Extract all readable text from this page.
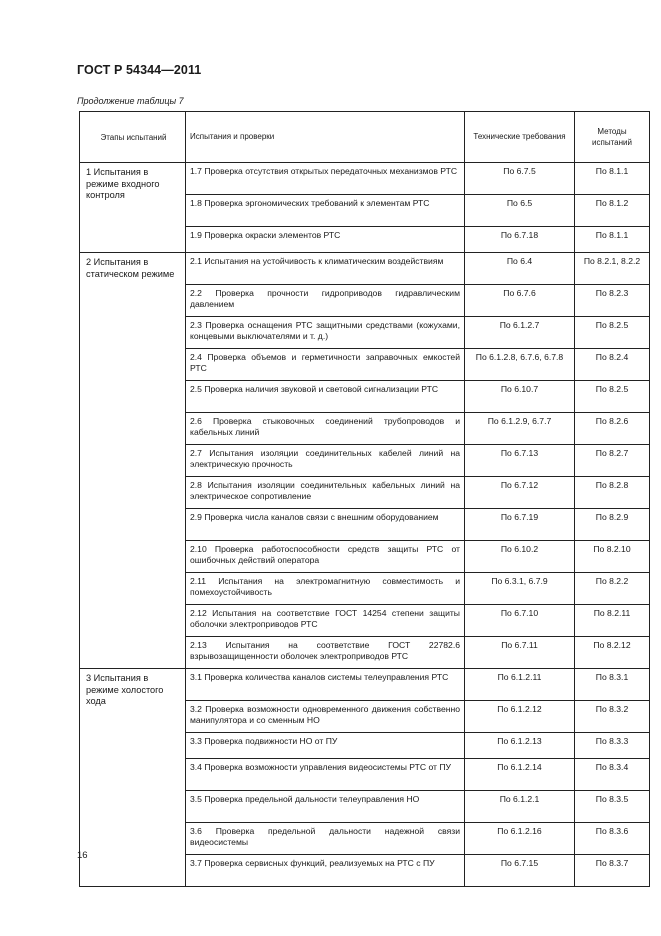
ГОСТ Р 54344—2011
Продолжение таблицы 7
Этапы испытаний	Испытания и проверки	Технические требования	Методы испытаний
1 Испытания в режиме входного контроля	1.7 Проверка отсутствия открытых передаточных механизмов РТС	По 6.7.5	По 8.1.1
	1.8 Проверка эргономических требований к элементам РТС	По 6.5	По 8.1.2
	1.9 Проверка окраски элементов РТС	По 6.7.18	По 8.1.1
2 Испытания в статическом режиме	2.1 Испытания на устойчивость к климатическим воздействиям	По 6.4	По 8.2.1, 8.2.2
	2.2 Проверка прочности гидроприводов гидравлическим давлением	По 6.7.6	По 8.2.3
	2.3 Проверка оснащения РТС защитными средствами (кожухами, концевыми выключателями и т. д.)	По 6.1.2.7	По 8.2.5
	2.4 Проверка объемов и герметичности заправочных емкостей РТС	По 6.1.2.8, 6.7.6, 6.7.8	По 8.2.4
	2.5 Проверка наличия звуковой и световой сигнализации РТС	По 6.10.7	По 8.2.5
	2.6 Проверка стыковочных соединений трубопроводов и кабельных линий	По 6.1.2.9, 6.7.7	По 8.2.6
	2.7 Испытания изоляции соединительных кабелей линий на электрическую прочность	По 6.7.13	По 8.2.7
	2.8 Испытания изоляции соединительных кабельных линий на электрическое сопротивление	По 6.7.12	По 8.2.8
	2.9 Проверка числа каналов связи с внешним оборудованием	По 6.7.19	По 8.2.9
	2.10 Проверка работоспособности средств защиты РТС от ошибочных действий оператора	По 6.10.2	По 8.2.10
	2.11 Испытания на электромагнитную совместимость и помехоустойчивость	По 6.3.1, 6.7.9	По 8.2.2
	2.12 Испытания на соответствие ГОСТ 14254 степени защиты оболочки электроприводов РТС	По 6.7.10	По 8.2.11
	2.13 Испытания на соответствие ГОСТ 22782.6 взрывозащищенности оболочек электроприводов РТС	По 6.7.11	По 8.2.12
3 Испытания в режиме холостого хода	3.1 Проверка количества каналов системы телеуправления РТС	По 6.1.2.11	По 8.3.1
	3.2 Проверка возможности одновременного движения собственно манипулятора и со сменным НО	По 6.1.2.12	По 8.3.2
	3.3 Проверка подвижности НО от ПУ	По 6.1.2.13	По 8.3.3
	3.4 Проверка возможности управления видеосистемы РТС от ПУ	По 6.1.2.14	По 8.3.4
	3.5 Проверка предельной дальности телеуправления НО	По 6.1.2.1	По 8.3.5
	3.6 Проверка предельной дальности надежной связи видеосистемы	По 6.1.2.16	По 8.3.6
	3.7 Проверка сервисных функций, реализуемых на РТС с ПУ	По 6.7.15	По 8.3.7
16
